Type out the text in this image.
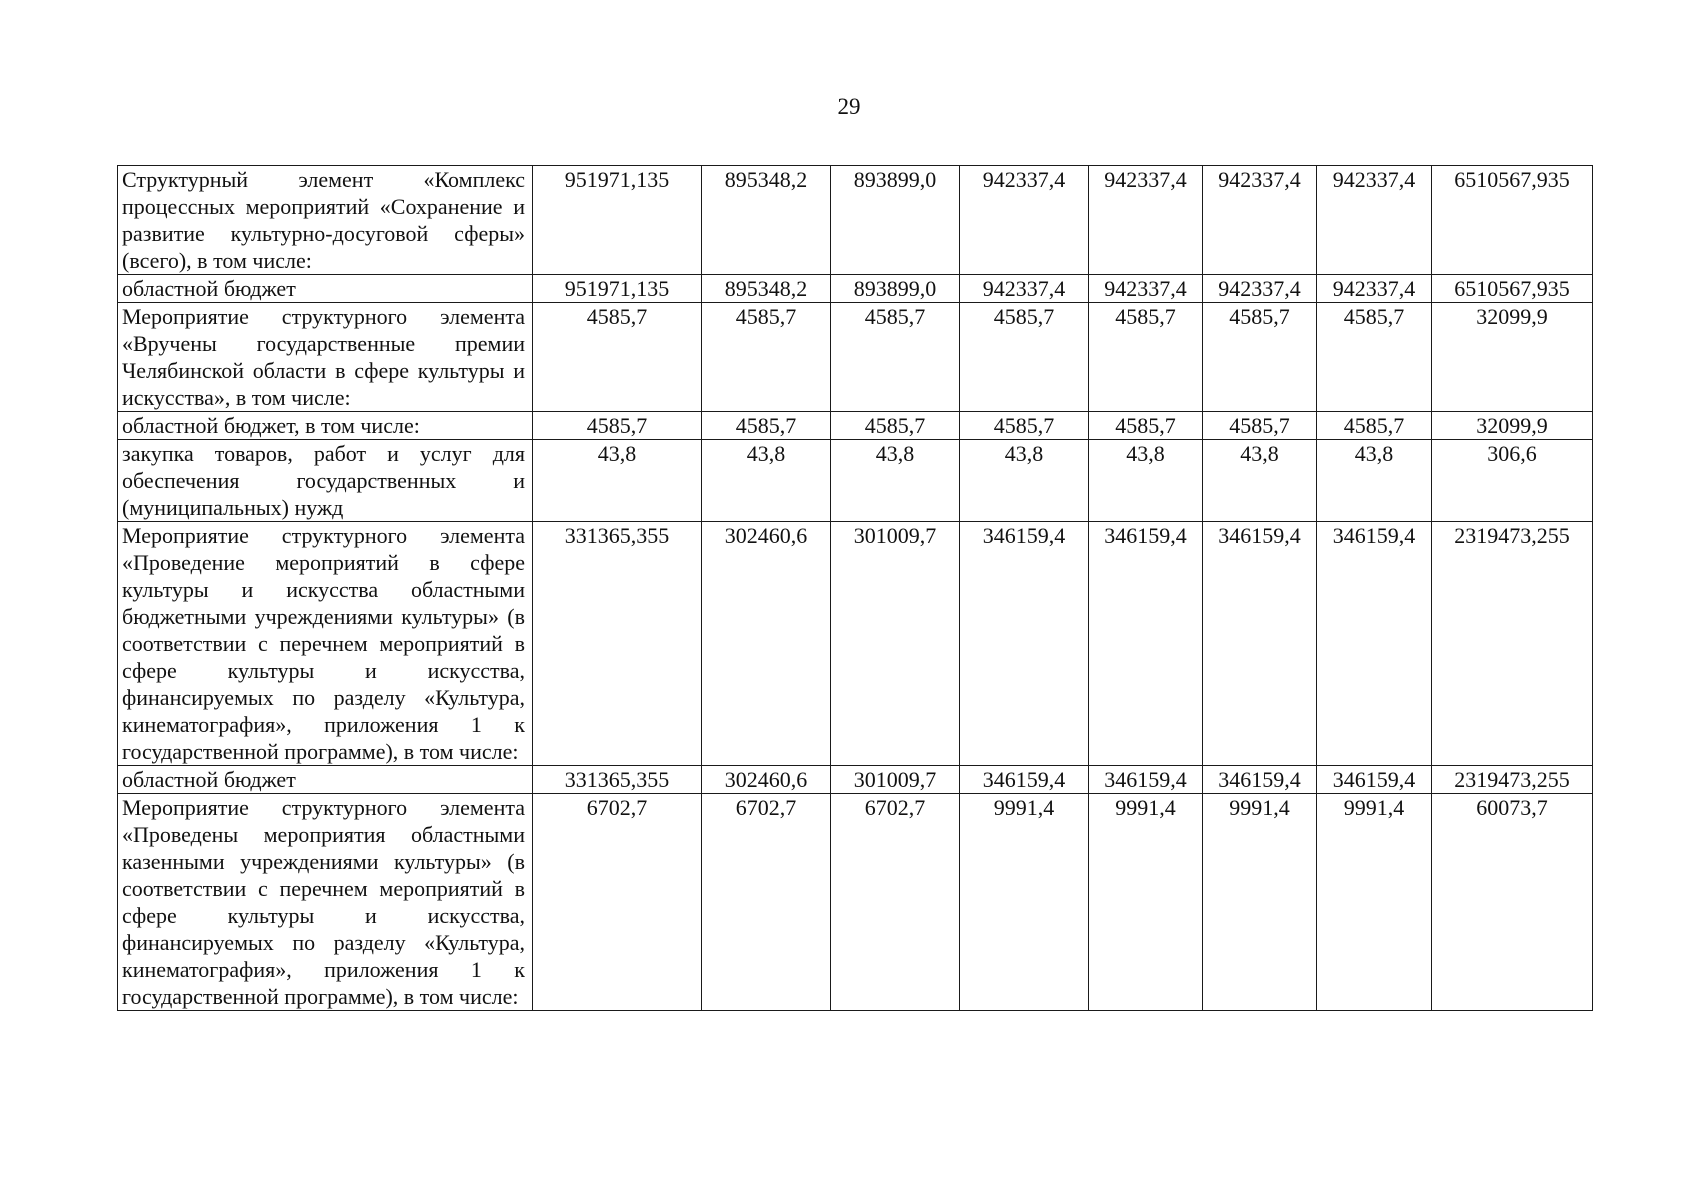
29
Структурный элемент «Комплекс процессных мероприятий «Сохранение и развитие культурно-досуговой сферы» (всего), в том числе:	951971,135	895348,2	893899,0	942337,4	942337,4	942337,4	942337,4	6510567,935
областной бюджет	951971,135	895348,2	893899,0	942337,4	942337,4	942337,4	942337,4	6510567,935
Мероприятие структурного элемента «Вручены государственные премии Челябинской области в сфере культуры и искусства», в том числе:	4585,7	4585,7	4585,7	4585,7	4585,7	4585,7	4585,7	32099,9
областной бюджет, в том числе:	4585,7	4585,7	4585,7	4585,7	4585,7	4585,7	4585,7	32099,9
закупка товаров, работ и услуг для обеспечения государственных и (муниципальных) нужд	43,8	43,8	43,8	43,8	43,8	43,8	43,8	306,6
Мероприятие структурного элемента «Проведение мероприятий в сфере культуры и искусства областными бюджетными учреждениями культуры» (в соответствии с перечнем мероприятий в сфере культуры и искусства, финансируемых по разделу «Культура, кинематография», приложения 1 к государственной программе), в том числе:	331365,355	302460,6	301009,7	346159,4	346159,4	346159,4	346159,4	2319473,255
областной бюджет	331365,355	302460,6	301009,7	346159,4	346159,4	346159,4	346159,4	2319473,255
Мероприятие структурного элемента «Проведены мероприятия областными казенными учреждениями культуры» (в соответствии с перечнем мероприятий в сфере культуры и искусства, финансируемых по разделу «Культура, кинематография», приложения 1 к государственной программе), в том числе:	6702,7	6702,7	6702,7	9991,4	9991,4	9991,4	9991,4	60073,7
